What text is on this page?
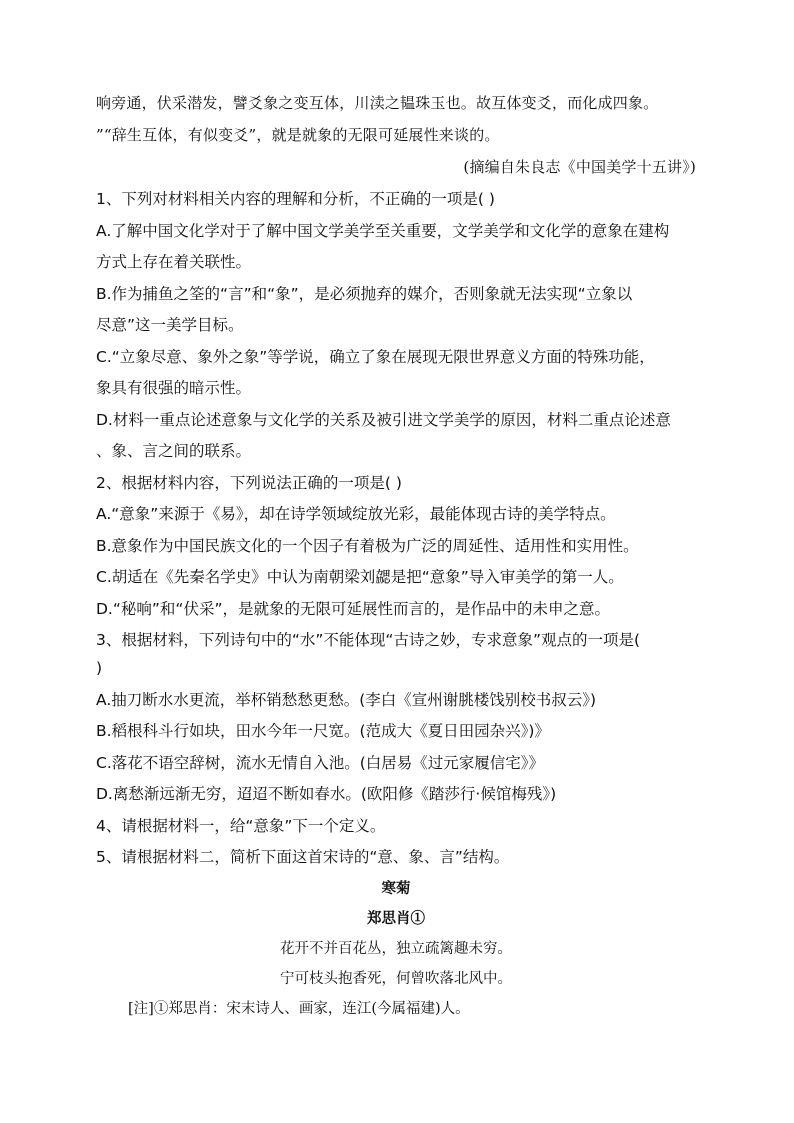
响旁通，伏采潜发，譬爻象之变互体，川渎之韫珠玉也。故互体变爻，而化成四象。
”“辞生互体，有似变爻”，就是就象的无限可延展性来谈的。
(摘编自朱良志《中国美学十五讲》)
1、下列对材料相关内容的理解和分析，不正确的一项是( )
A.了解中国文化学对于了解中国文学美学至关重要，文学美学和文化学的意象在建构
方式上存在着关联性。
B.作为捕鱼之筌的“言”和“象”，是必须抛弃的媒介，否则象就无法实现“立象以
尽意”这一美学目标。
C.“立象尽意、象外之象”等学说，确立了象在展现无限世界意义方面的特殊功能，
象具有很强的暗示性。
D.材料一重点论述意象与文化学的关系及被引进文学美学的原因，材料二重点论述意
、象、言之间的联系。
2、根据材料内容，下列说法正确的一项是( )
A.“意象”来源于《易》，却在诗学领域绽放光彩，最能体现古诗的美学特点。
B.意象作为中国民族文化的一个因子有着极为广泛的周延性、适用性和实用性。
C.胡适在《先秦名学史》中认为南朝梁刘勰是把“意象”导入审美学的第一人。
D.“秘响”和“伏采”，是就象的无限可延展性而言的，是作品中的未申之意。
3、根据材料，下列诗句中的“水”不能体现“古诗之妙，专求意象”观点的一项是(
)
A.抽刀断水水更流，举杯销愁愁更愁。(李白《宣州谢朓楼饯别校书叔云》)
B.稻根科斗行如块，田水今年一尺宽。(范成大《夏日田园杂兴》)》
C.落花不语空辞树，流水无情自入池。(白居易《过元家履信宅》》
D.离愁渐远渐无穷，迢迢不断如春水。(欧阳修《踏莎行·候馆梅残》)
4、请根据材料一，给“意象”下一个定义。
5、请根据材料二，简析下面这首宋诗的“意、象、言”结构。
寒菊
郑思肖①
花开不并百花丛，独立疏篱趣未穷。
宁可枝头抱香死，何曾吹落北风中。
[注]①郑思肖：宋末诗人、画家，连江(今属福建)人。
